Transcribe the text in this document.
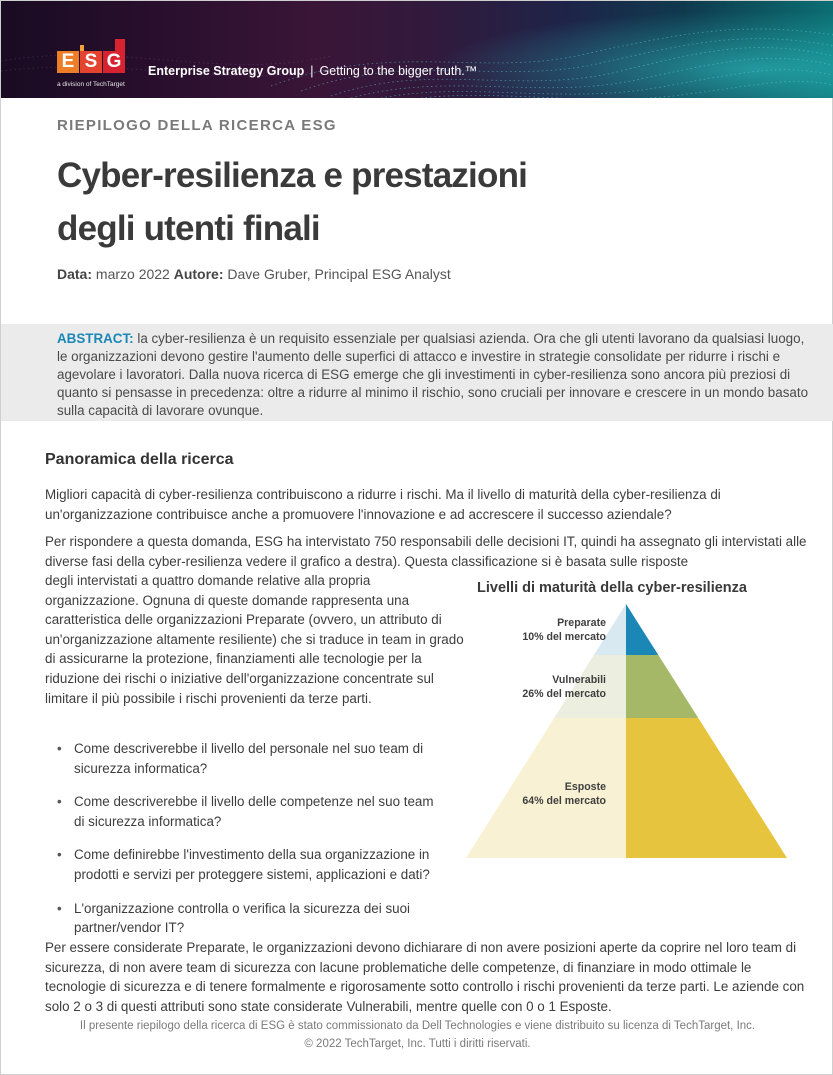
E S G
a division of TechTarget
Enterprise Strategy Group | Getting to the bigger truth.™
RIEPILOGO DELLA RICERCA ESG
Cyber-resilienza e prestazioni
degli utenti finali
Data: marzo 2022 Autore: Dave Gruber, Principal ESG Analyst
ABSTRACT: la cyber-resilienza è un requisito essenziale per qualsiasi azienda. Ora che gli utenti lavorano da qualsiasi luogo, le organizzazioni devono gestire l'aumento delle superfici di attacco e investire in strategie consolidate per ridurre i rischi e agevolare i lavoratori. Dalla nuova ricerca di ESG emerge che gli investimenti in cyber-resilienza sono ancora più preziosi di quanto si pensasse in precedenza: oltre a ridurre al minimo il rischio, sono cruciali per innovare e crescere in un mondo basato sulla capacità di lavorare ovunque.
Panoramica della ricerca

Migliori capacità di cyber-resilienza contribuiscono a ridurre i rischi. Ma il livello di maturità della cyber-resilienza di un'organizzazione contribuisce anche a promuovere l'innovazione e ad accrescere il successo aziendale?

Per rispondere a questa domanda, ESG ha intervistato 750 responsabili delle decisioni IT, quindi ha assegnato gli intervistati alle diverse fasi della cyber-resilienza vedere il grafico a destra). Questa classificazione si è basata sulle risposte

degli intervistati a quattro domande relative alla propria organizzazione. Ognuna di queste domande rappresenta una caratteristica delle organizzazioni Preparate (ovvero, un attributo di un'organizzazione altamente resiliente) che si traduce in team in grado di assicurarne la protezione, finanziamenti alle tecnologie per la riduzione dei rischi o iniziative dell'organizzazione concentrate sul limitare il più possibile i rischi provenienti da terze parti.

• Come descriverebbe il livello del personale nel suo team di sicurezza informatica?
• Come descriverebbe il livello delle competenze nel suo team di sicurezza informatica?
• Come definirebbe l'investimento della sua organizzazione in prodotti e servizi per proteggere sistemi, applicazioni e dati?
• L'organizzazione controlla o verifica la sicurezza dei suoi partner/vendor IT?

Per essere considerate Preparate, le organizzazioni devono dichiarare di non avere posizioni aperte da coprire nel loro team di sicurezza, di non avere team di sicurezza con lacune problematiche delle competenze, di finanziare in modo ottimale le tecnologie di sicurezza e di tenere formalmente e rigorosamente sotto controllo i rischi provenienti da terze parti. Le aziende con solo 2 o 3 di questi attributi sono state considerate Vulnerabili, mentre quelle con 0 o 1 Esposte.

Livelli di maturità della cyber-resilienza
Preparate
10% del mercato
Vulnerabili
26% del mercato
Esposte
64% del mercato
Il presente riepilogo della ricerca di ESG è stato commissionato da Dell Technologies e viene distribuito su licenza di TechTarget, Inc.
© 2022 TechTarget, Inc. Tutti i diritti riservati.
